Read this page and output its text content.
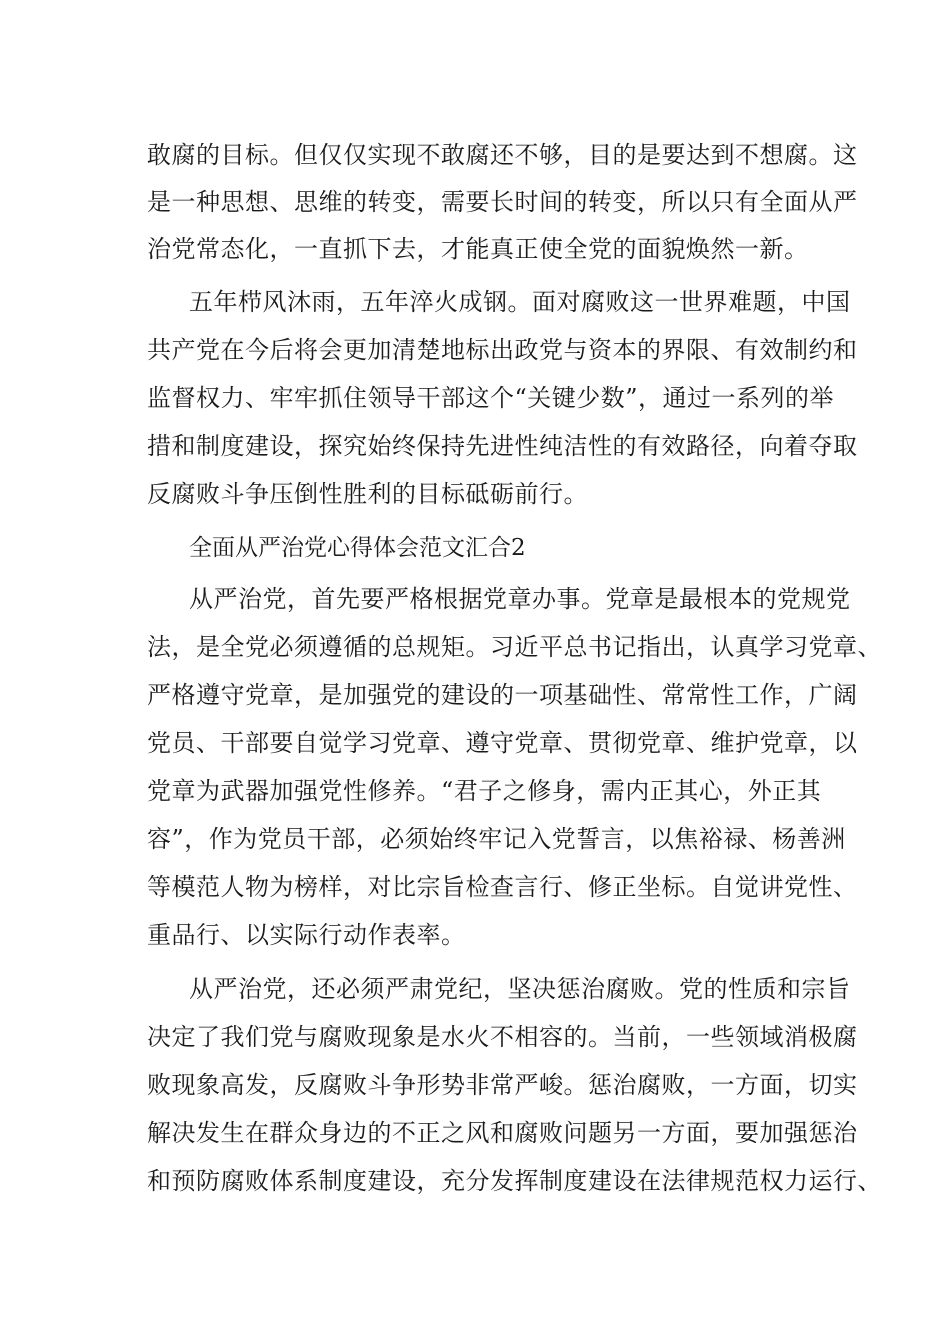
敢腐的目标。但仅仅实现不敢腐还不够，目的是要达到不想腐。这
是一种思想、思维的转变，需要长时间的转变，所以只有全面从严
治党常态化，一直抓下去，才能真正使全党的面貌焕然一新。
五年栉风沐雨，五年淬火成钢。面对腐败这一世界难题，中国
共产党在今后将会更加清楚地标出政党与资本的界限、有效制约和
监督权力、牢牢抓住领导干部这个“关键少数”，通过一系列的举
措和制度建设，探究始终保持先进性纯洁性的有效路径，向着夺取
反腐败斗争压倒性胜利的目标砥砺前行。
全面从严治党心得体会范文汇合2
从严治党，首先要严格根据党章办事。党章是最根本的党规党
法，是全党必须遵循的总规矩。习近平总书记指出，认真学习党章、
严格遵守党章，是加强党的建设的一项基础性、常常性工作，广阔
党员、干部要自觉学习党章、遵守党章、贯彻党章、维护党章，以
党章为武器加强党性修养。“君子之修身，需内正其心，外正其
容”，作为党员干部，必须始终牢记入党誓言，以焦裕禄、杨善洲
等模范人物为榜样，对比宗旨检查言行、修正坐标。自觉讲党性、
重品行、以实际行动作表率。
从严治党，还必须严肃党纪，坚决惩治腐败。党的性质和宗旨
决定了我们党与腐败现象是水火不相容的。当前，一些领域消极腐
败现象高发，反腐败斗争形势非常严峻。惩治腐败，一方面，切实
解决发生在群众身边的不正之风和腐败问题另一方面，要加强惩治
和预防腐败体系制度建设，充分发挥制度建设在法律规范权力运行、
